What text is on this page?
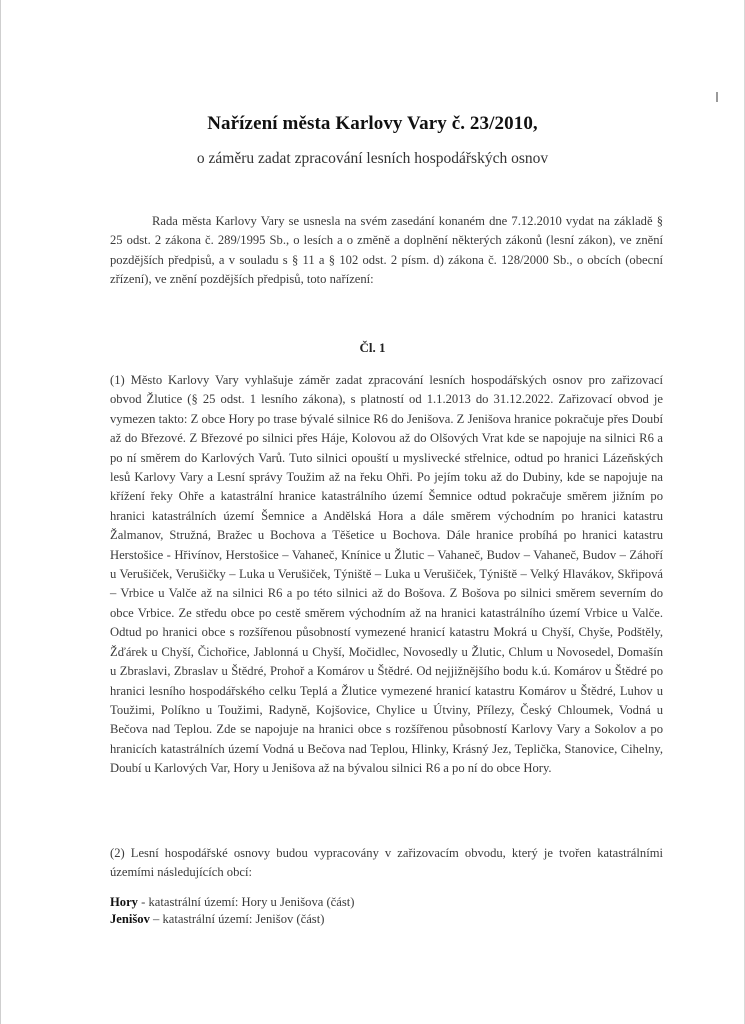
Nařízení města Karlovy Vary č. 23/2010,
o záměru zadat zpracování lesních hospodářských osnov
Rada města Karlovy Vary se usnesla na svém zasedání konaném dne 7.12.2010 vydat na základě § 25 odst. 2 zákona č. 289/1995 Sb., o lesích a o změně a doplnění některých zákonů (lesní zákon), ve znění pozdějších předpisů, a v souladu s § 11 a § 102 odst. 2 písm. d) zákona č. 128/2000 Sb., o obcích (obecní zřízení), ve znění pozdějších předpisů, toto nařízení:
Čl. 1
(1) Město Karlovy Vary vyhlašuje záměr zadat zpracování lesních hospodářských osnov pro zařizovací obvod Žlutice (§ 25 odst. 1 lesního zákona), s platností od 1.1.2013 do 31.12.2022. Zařizovací obvod je vymezen takto: Z obce Hory po trase bývalé silnice R6 do Jenišova. Z Jenišova hranice pokračuje přes Doubí až do Březové. Z Březové po silnici přes Háje, Kolovou až do Olšových Vrat kde se napojuje na silnici R6 a po ní směrem do Karlových Varů. Tuto silnici opouští u myslivecké střelnice, odtud po hranici Lázeňských lesů Karlovy Vary a Lesní správy Toužim až na řeku Ohři. Po jejím toku až do Dubiny, kde se napojuje na křížení řeky Ohře a katastrální hranice katastrálního území Šemnice odtud pokračuje směrem jižním po hranici katastrálních území Šemnice a Andělská Hora a dále směrem východním po hranici katastru Žalmanov, Stružná, Bražec u Bochova a Těšetice u Bochova. Dále hranice probíhá po hranici katastru Herstošice - Hřivínov, Herstošice – Vahaneč, Knínice u Žlutic – Vahaneč, Budov – Vahaneč, Budov – Záhoří u Verušiček, Verušičky – Luka u Verušiček, Týniště – Luka u Verušiček, Týniště – Velký Hlavákov, Skřipová – Vrbice u Valče až na silnici R6 a po této silnici až do Bošova. Z Bošova po silnici směrem severním do obce Vrbice. Ze středu obce po cestě směrem východním až na hranici katastrálního území Vrbice u Valče. Odtud po hranici obce s rozšířenou působností vymezené hranicí katastru Mokrá u Chyší, Chyše, Podštěly, Žďárek u Chyší, Čichořice, Jablonná u Chyší, Močidlec, Novosedly u Žlutic, Chlum u Novosedel, Domašín u Zbraslavi, Zbraslav u Štědré, Prohoř a Komárov u Štědré. Od nejjižnějšího bodu k.ú. Komárov u Štědré po hranici lesního hospodářského celku Teplá a Žlutice vymezené hranicí katastru Komárov u Štědré, Luhov u Toužimi, Políkno u Toužimi, Radyně, Kojšovice, Chylice u Útviny, Přílezy, Český Chloumek, Vodná u Bečova nad Teplou. Zde se napojuje na hranici obce s rozšířenou působností Karlovy Vary a Sokolov a po hranicích katastrálních území Vodná u Bečova nad Teplou, Hlinky, Krásný Jez, Teplička, Stanovice, Cihelny, Doubí u Karlových Var, Hory u Jenišova až na bývalou silnici R6 a po ní do obce Hory.
(2) Lesní hospodářské osnovy budou vypracovány v zařizovacím obvodu, který je tvořen katastrálními územími následujících obcí:
Hory - katastrální území: Hory u Jenišova (část)
Jenišov – katastrální území: Jenišov (část)
